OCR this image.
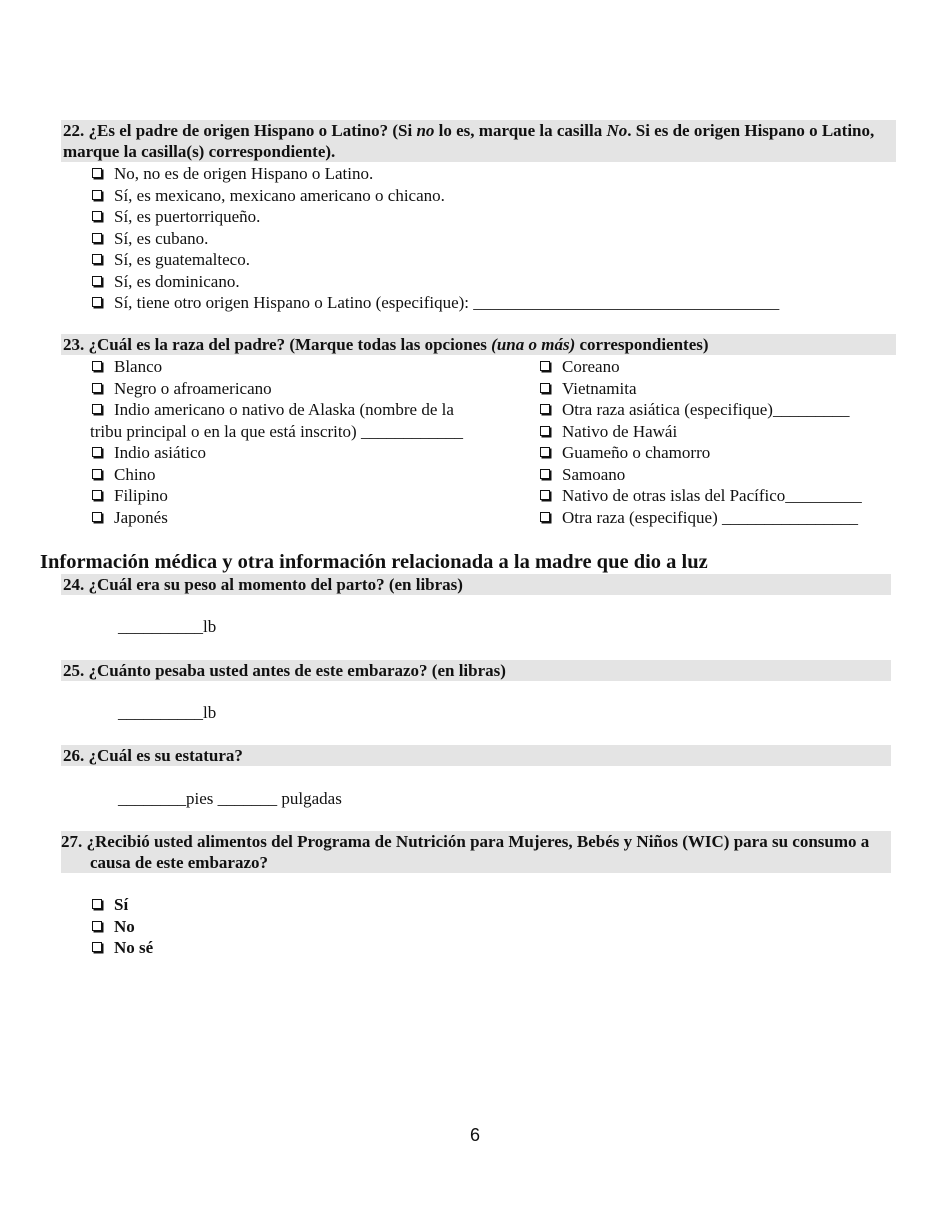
22. ¿Es el padre de origen Hispano o Latino? (Si no lo es, marque la casilla No. Si es de origen Hispano o Latino, marque la casilla(s) correspondiente).
No, no es de origen Hispano o Latino.
Sí, es mexicano, mexicano americano o chicano.
Sí, es puertorriqueño.
Sí, es cubano.
Sí, es guatemalteco.
Sí, es dominicano.
Sí, tiene otro origen Hispano o Latino (especifique): ____________________________________
23. ¿Cuál es la raza del padre? (Marque todas las opciones (una o más) correspondientes)
Blanco
Negro o afroamericano
Indio americano o nativo de Alaska (nombre de la
tribu principal o en la que está inscrito) ____________
Indio asiático
Chino
Filipino
Japonés
Coreano
Vietnamita
Otra raza asiática (especifique)_________
Nativo de Hawái
Guameño o chamorro
Samoano
Nativo de otras islas del Pacífico_________
Otra raza (especifique) ________________
Información médica y otra información relacionada a la madre que dio a luz
24. ¿Cuál era su peso al momento del parto? (en libras)
__________lb
25. ¿Cuánto pesaba usted antes de este embarazo? (en libras)
__________lb
26. ¿Cuál es su estatura?
________pies _______ pulgadas
27. ¿Recibió usted alimentos del Programa de Nutrición para Mujeres, Bebés y Niños (WIC) para su consumo a causa de este embarazo?
Sí
No
No sé
6
